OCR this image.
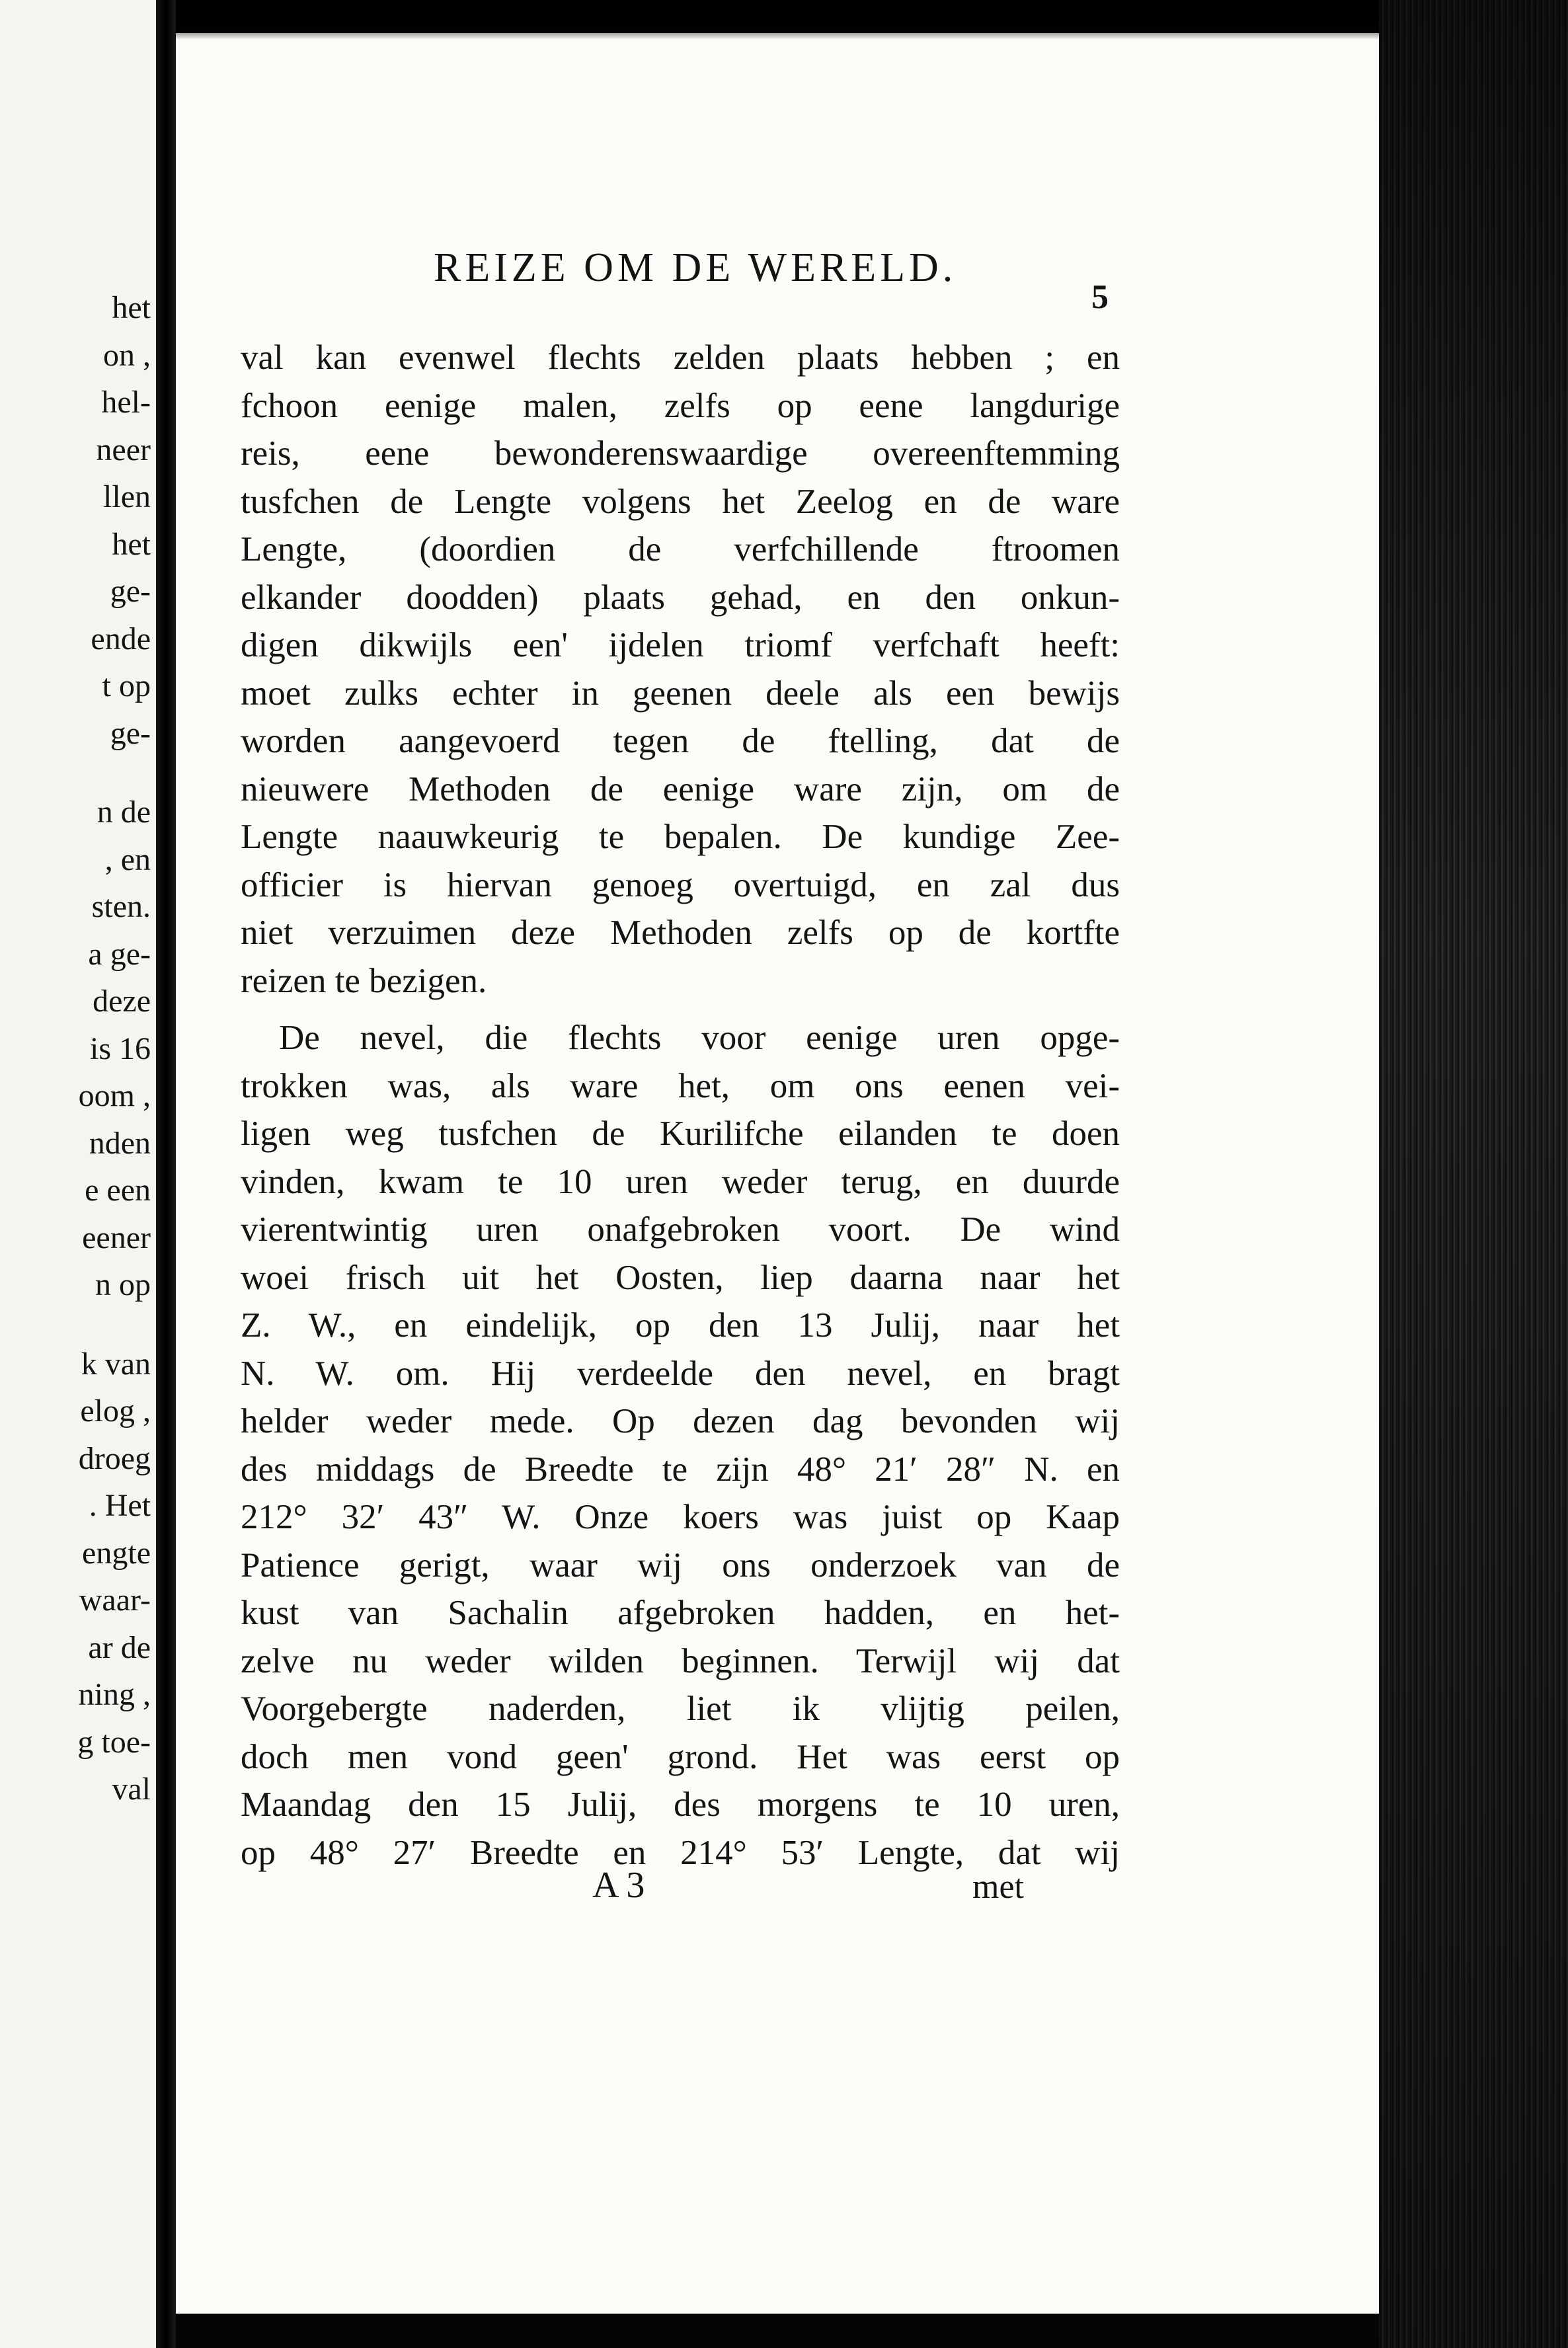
het
on ,
hel-
neer
llen
het
ge-
ende
t op
ge-
n de
, en
sten.
a ge-
deze
is 16
oom ,
nden
e een
eener
n op
k van
elog ,
droeg
. Het
engte
waar-
ar de
ning ,
g toe-
val
REIZE OM DE WERELD.
5
val kan evenwel flechts zelden plaats hebben ; en
fchoon eenige malen, zelfs op eene langdurige
reis, eene bewonderenswaardige overeenftemming
tusfchen de Lengte volgens het Zeelog en de ware
Lengte, (doordien de verfchillende ftroomen
elkander doodden) plaats gehad, en den onkun-
digen dikwijls een' ijdelen triomf verfchaft heeft:
moet zulks echter in geenen deele als een bewijs
worden aangevoerd tegen de ftelling, dat de
nieuwere Methoden de eenige ware zijn, om de
Lengte naauwkeurig te bepalen. De kundige Zee-
officier is hiervan genoeg overtuigd, en zal dus
niet verzuimen deze Methoden zelfs op de kortfte
reizen te bezigen.
De nevel, die flechts voor eenige uren opge-
trokken was, als ware het, om ons eenen vei-
ligen weg tusfchen de Kurilifche eilanden te doen
vinden, kwam te 10 uren weder terug, en duurde
vierentwintig uren onafgebroken voort. De wind
woei frisch uit het Oosten, liep daarna naar het
Z. W., en eindelijk, op den 13 Julij, naar het
N. W. om. Hij verdeelde den nevel, en bragt
helder weder mede. Op dezen dag bevonden wij
des middags de Breedte te zijn 48° 21′ 28″ N. en
212° 32′ 43″ W. Onze koers was juist op Kaap
Patience gerigt, waar wij ons onderzoek van de
kust van Sachalin afgebroken hadden, en het-
zelve nu weder wilden beginnen. Terwijl wij dat
Voorgebergte naderden, liet ik vlijtig peilen,
doch men vond geen' grond. Het was eerst op
Maandag den 15 Julij, des morgens te 10 uren,
op 48° 27′ Breedte en 214° 53′ Lengte, dat wij
A 3	met
